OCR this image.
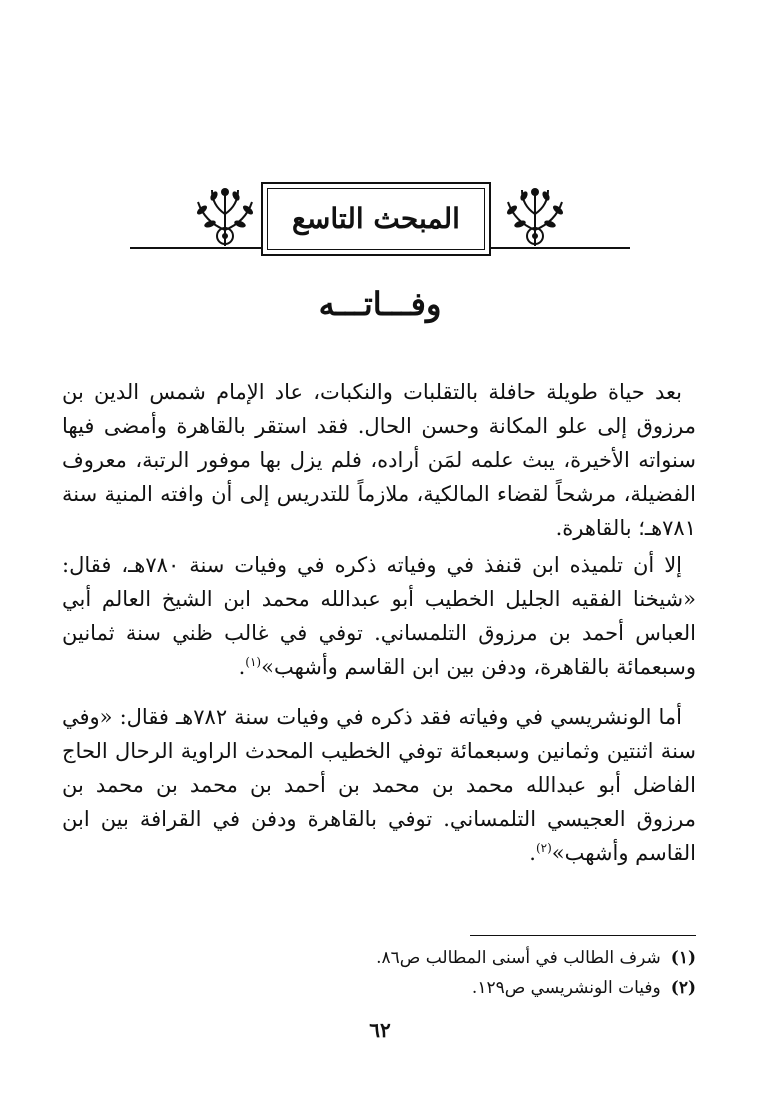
المبحث التاسع
وفـــاتـــه

بعد حياة طويلة حافلة بالتقلبات والنكبات، عاد الإمام شمس الدين بن مرزوق إلى علو المكانة وحسن الحال. فقد استقر بالقاهرة وأمضى فيها سنواته الأخيرة، يبث علمه لمَن أراده، فلم يزل بها موفور الرتبة، معروف الفضيلة، مرشحاً لقضاء المالكية، ملازماً للتدريس إلى أن وافته المنية سنة ٧٨١هـ؛ بالقاهرة.

إلا أن تلميذه ابن قنفذ في وفياته ذكره في وفيات سنة ٧٨٠هـ، فقال: «شيخنا الفقيه الجليل الخطيب أبو عبدالله محمد ابن الشيخ العالم أبي العباس أحمد بن مرزوق التلمساني. توفي في غالب ظني سنة ثمانين وسبعمائة بالقاهرة، ودفن بين ابن القاسم وأشهب»$^{(١)}$.

أما الونشريسي في وفياته فقد ذكره في وفيات سنة ٧٨٢هـ فقال: «وفي سنة اثنتين وثمانين وسبعمائة توفي الخطيب المحدث الراوية الرحال الحاج الفاضل أبو عبدالله محمد بن محمد بن أحمد بن محمد بن محمد بن مرزوق العجيسي التلمساني. توفي بالقاهرة ودفن في القرافة بين ابن القاسم وأشهب»$^{(٢)}$.

(١)شرف الطالب في أسنى المطالب ص٨٦.
(٢)وفيات الونشريسي ص١٢٩.
٦٢
